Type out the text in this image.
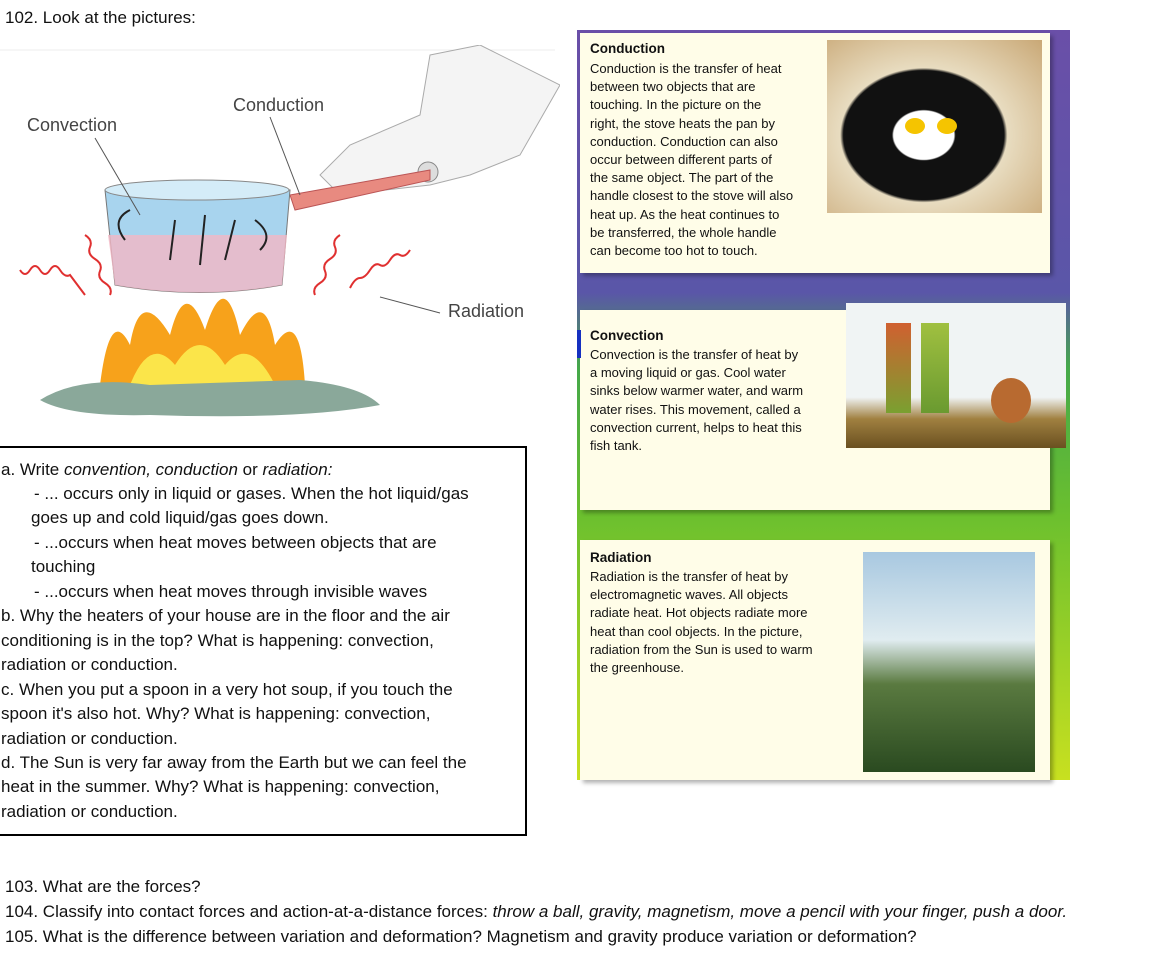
102. Look at the pictures:
Convection
Conduction
Radiation
a. Write convention, conduction or radiation:
- ... occurs only in liquid or gases. When the hot liquid/gas
goes up and cold liquid/gas goes down.
- ...occurs when heat moves between objects that are
touching
- ...occurs when heat moves through invisible waves
b. Why the heaters of your house are in the floor and the air
conditioning is in the top? What is happening: convection,
radiation or conduction.
c. When you put a spoon in a very hot soup, if you touch the
spoon it's also hot. Why? What is happening: convection,
radiation or conduction.
d. The Sun is very far away from the Earth but we can feel the
heat in the summer. Why? What is happening: convection,
radiation or conduction.
Conduction
Conduction is the transfer of heat
between two objects that are
touching. In the picture on the
right, the stove heats the pan by
conduction. Conduction can also
occur between different parts of
the same object. The part of the
handle closest to the stove will also
heat up. As the heat continues to
be transferred, the whole handle
can become too hot to touch.
Convection
Convection is the transfer of heat by
a moving liquid or gas. Cool water
sinks below warmer water, and warm
water rises. This movement, called a
convection current, helps to heat this
fish tank.
Radiation
Radiation is the transfer of heat by
electromagnetic waves. All objects
radiate heat. Hot objects radiate more
heat than cool objects. In the picture,
radiation from the Sun is used to warm
the greenhouse.
103. What are the forces?
104. Classify into contact forces and action-at-a-distance forces: throw a ball, gravity, magnetism, move a pencil with your finger, push a door.
105. What is the difference between variation and deformation? Magnetism and gravity produce variation or deformation?
